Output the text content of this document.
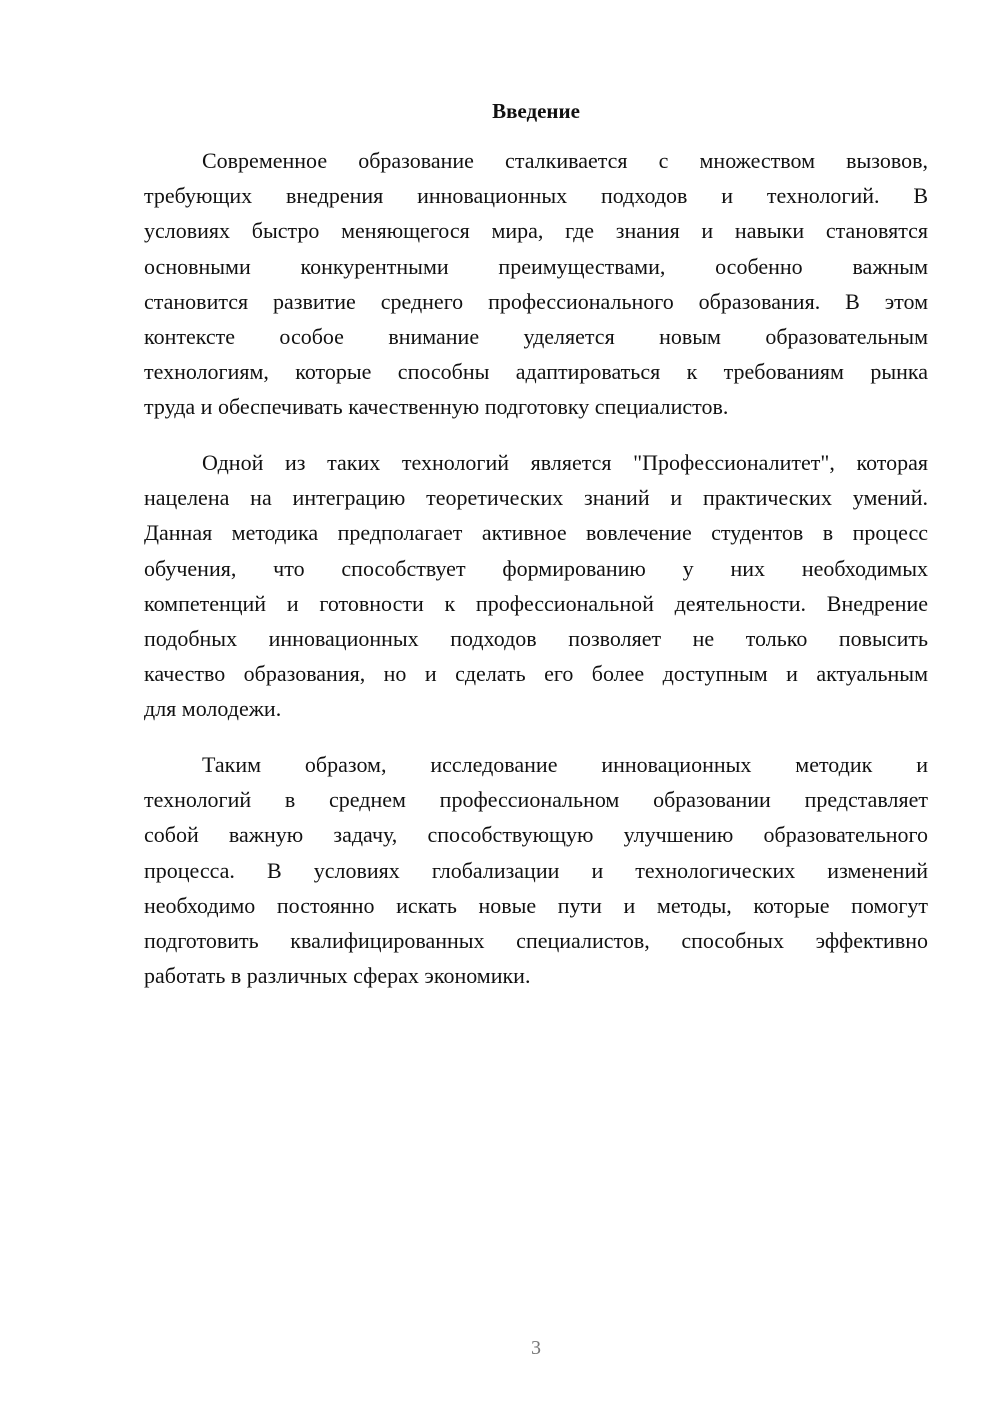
Введение
Современное образование сталкивается с множеством вызовов,
требующих внедрения инновационных подходов и технологий. В
условиях быстро меняющегося мира, где знания и навыки становятся
основными конкурентными преимуществами, особенно важным
становится развитие среднего профессионального образования. В этом
контексте особое внимание уделяется новым образовательным
технологиям, которые способны адаптироваться к требованиям рынка
труда и обеспечивать качественную подготовку специалистов.
Одной из таких технологий является "Профессионалитет", которая
нацелена на интеграцию теоретических знаний и практических умений.
Данная методика предполагает активное вовлечение студентов в процесс
обучения, что способствует формированию у них необходимых
компетенций и готовности к профессиональной деятельности. Внедрение
подобных инновационных подходов позволяет не только повысить
качество образования, но и сделать его более доступным и актуальным
для молодежи.
Таким образом, исследование инновационных методик и
технологий в среднем профессиональном образовании представляет
собой важную задачу, способствующую улучшению образовательного
процесса. В условиях глобализации и технологических изменений
необходимо постоянно искать новые пути и методы, которые помогут
подготовить квалифицированных специалистов, способных эффективно
работать в различных сферах экономики.
3
